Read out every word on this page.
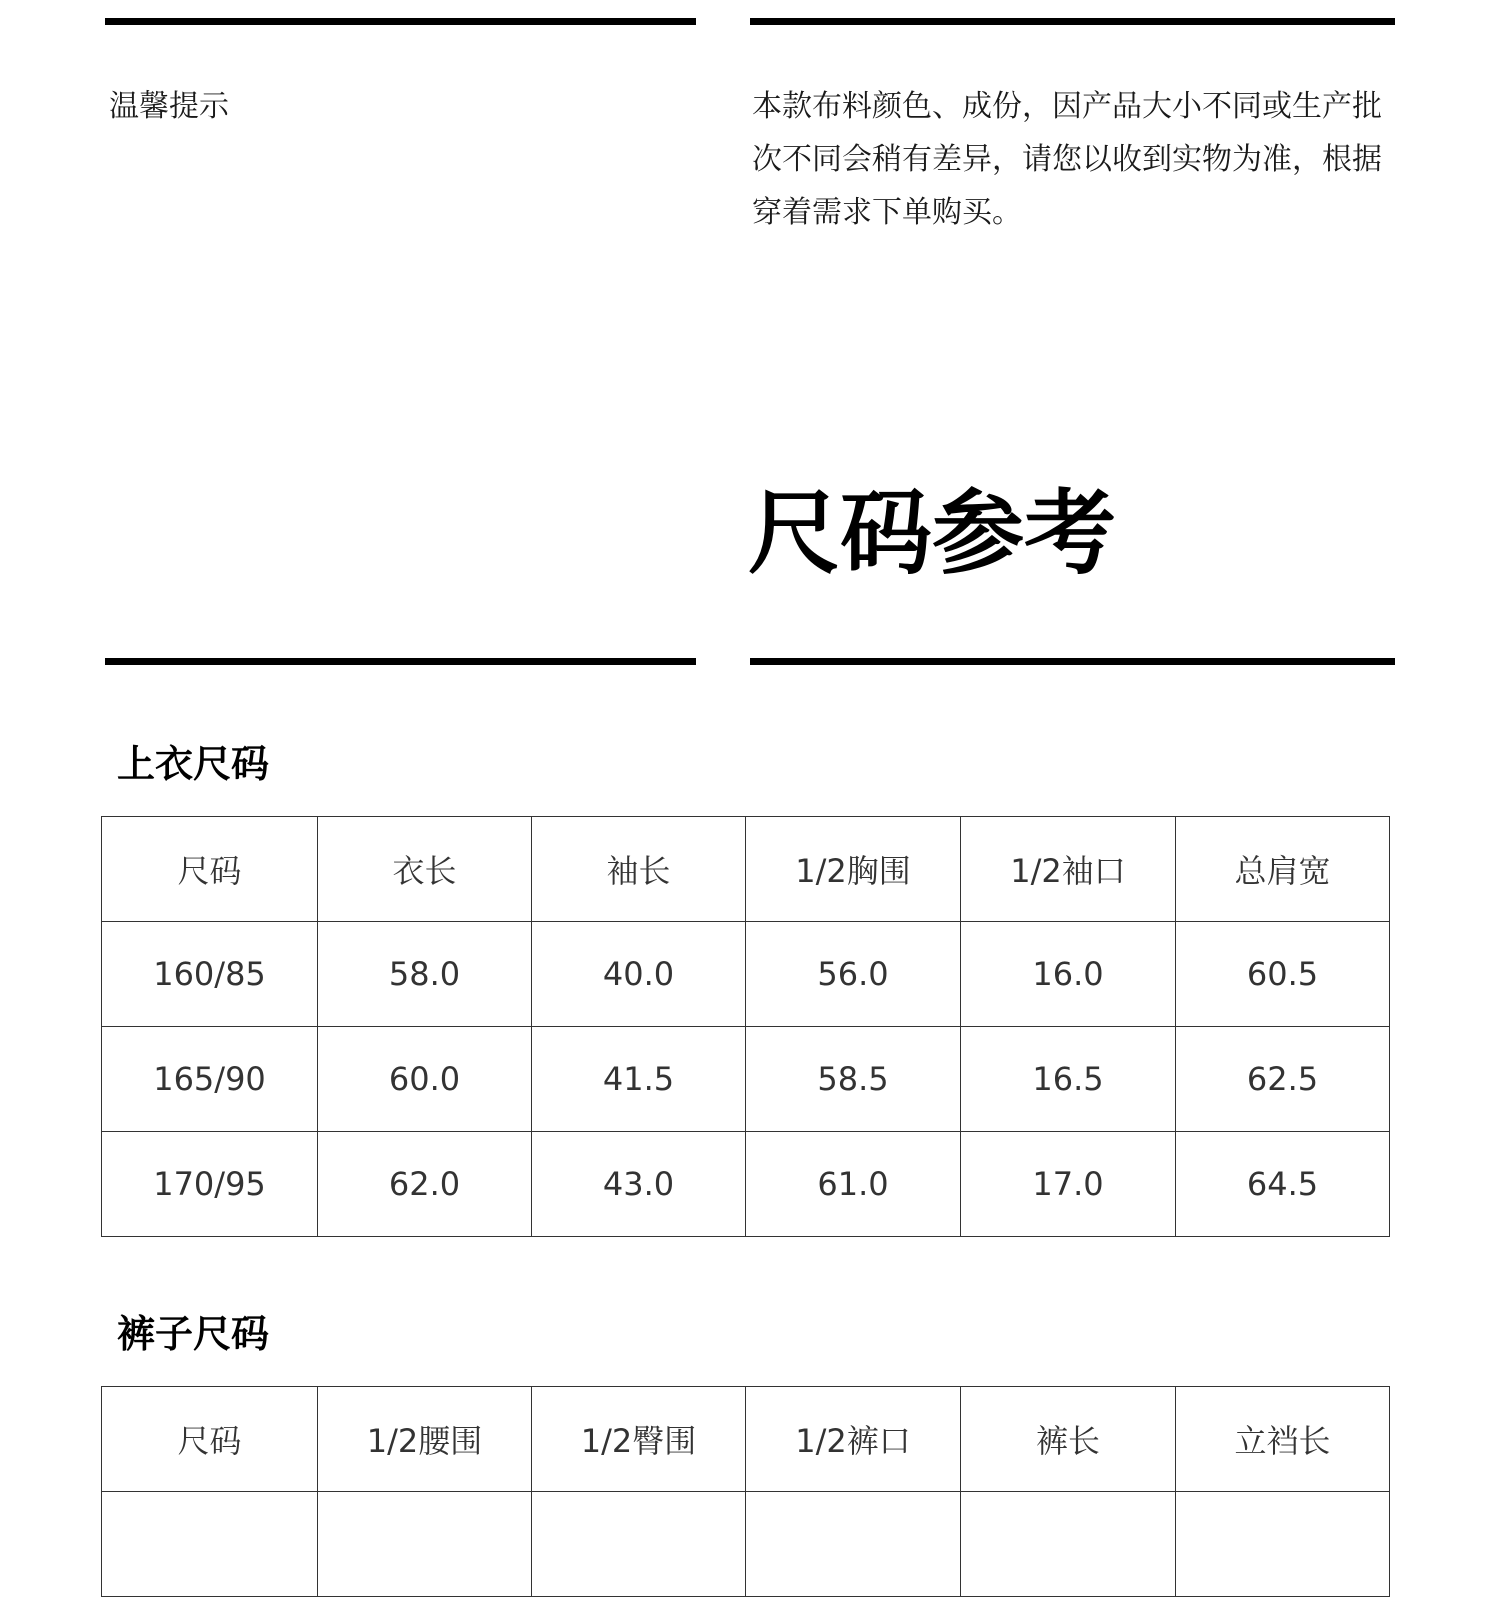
温馨提示	本款布料颜色、成份，因产品大小不同或生产批次不同会稍有差异，请您以收到实物为准，根据穿着需求下单购买。
尺码参考
上衣尺码
尺码	衣长	袖长	1/2胸围	1/2袖口	总肩宽
160/85	58.0	40.0	56.0	16.0	60.5
165/90	60.0	41.5	58.5	16.5	62.5
170/95	62.0	43.0	61.0	17.0	64.5
裤子尺码
尺码	1/2腰围	1/2臀围	1/2裤口	裤长	立裆长
